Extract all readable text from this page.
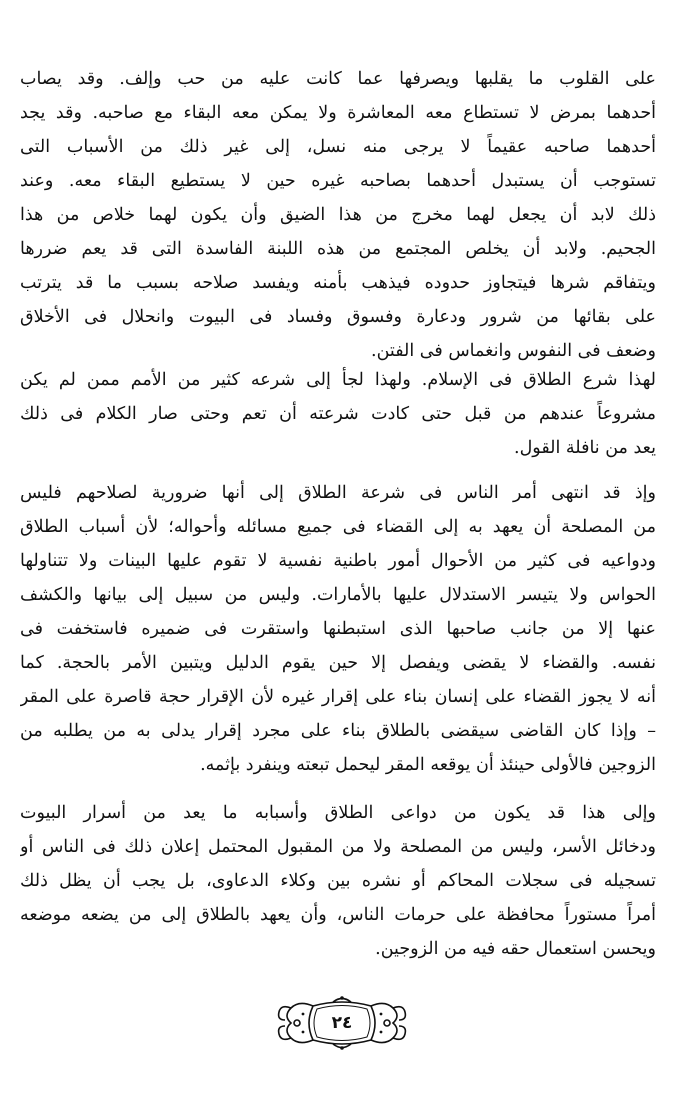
على القلوب ما يقلبها ويصرفها عما كانت عليه من حب وإلف. وقد يصاب
أحدهما بمرض لا تستطاع معه المعاشرة ولا يمكن معه البقاء مع صاحبه. وقد يجد
أحدهما صاحبه عقيماً لا يرجى منه نسل، إلى غير ذلك من الأسباب التى
تستوجب أن يستبدل أحدهما بصاحبه غيره حين لا يستطيع البقاء معه. وعند
ذلك لابد أن يجعل لهما مخرج من هذا الضيق وأن يكون لهما خلاص من هذا
الجحيم. ولابد أن يخلص المجتمع من هذه اللبنة الفاسدة التى قد يعم ضررها
ويتفاقم شرها فيتجاوز حدوده فيذهب بأمنه ويفسد صلاحه بسبب ما قد يترتب
على بقائها من شرور ودعارة وفسوق وفساد فى البيوت وانحلال فى الأخلاق
وضعف فى النفوس وانغماس فى الفتن.
لهذا شرع الطلاق فى الإسلام. ولهذا لجأ إلى شرعه كثير من الأمم ممن لم يكن
مشروعاً عندهم من قبل حتى كادت شرعته أن تعم وحتى صار الكلام فى ذلك
يعد من نافلة القول.
وإذ قد انتهى أمر الناس فى شرعة الطلاق إلى أنها ضرورية لصلاحهم فليس
من المصلحة أن يعهد به إلى القضاء فى جميع مسائله وأحواله؛ لأن أسباب الطلاق
ودواعيه فى كثير من الأحوال أمور باطنية نفسية لا تقوم عليها البينات ولا تتناولها
الحواس ولا يتيسر الاستدلال عليها بالأمارات. وليس من سبيل إلى بيانها والكشف
عنها إلا من جانب صاحبها الذى استبطنها واستقرت فى ضميره فاستخفت فى
نفسه. والقضاء لا يقضى ويفصل إلا حين يقوم الدليل ويتبين الأمر بالحجة. كما
أنه لا يجوز القضاء على إنسان بناء على إقرار غيره لأن الإقرار حجة قاصرة على المقر
– وإذا كان القاضى سيقضى بالطلاق بناء على مجرد إقرار يدلى به من يطلبه من
الزوجين فالأولى حينئذ أن يوقعه المقر ليحمل تبعته وينفرد بإثمه.
وإلى هذا قد يكون من دواعى الطلاق وأسبابه ما يعد من أسرار البيوت
ودخائل الأسر، وليس من المصلحة ولا من المقبول المحتمل إعلان ذلك فى الناس أو
تسجيله فى سجلات المحاكم أو نشره بين وكلاء الدعاوى، بل يجب أن يظل ذلك
أمراً مستوراً محافظة على حرمات الناس، وأن يعهد بالطلاق إلى من يضعه موضعه
ويحسن استعمال حقه فيه من الزوجين.
٢٤
